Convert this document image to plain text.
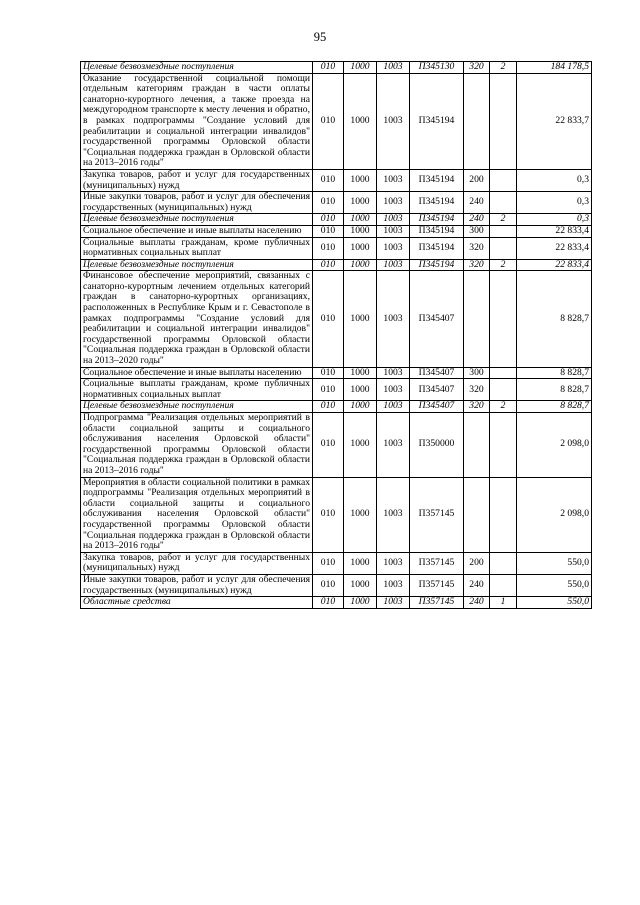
95
Целевые безвозмездные поступления	010	1000	1003	П345130	320	2	184 178,5
Оказание государственной социальной помощи отдельным категориям граждан в части оплаты санаторно-курортного лечения, а также проезда на междугородном транспорте к месту лечения и обратно, в рамках подпрограммы "Создание условий для реабилитации и социальной интеграции инвалидов" государственной программы Орловской области "Социальная поддержка граждан в Орловской области на 2013–2016 годы"	010	1000	1003	П345194			22 833,7
Закупка товаров, работ и услуг для государственных (муниципальных) нужд	010	1000	1003	П345194	200		0,3
Иные закупки товаров, работ и услуг для обеспечения государственных (муниципальных) нужд	010	1000	1003	П345194	240		0,3
Целевые безвозмездные поступления	010	1000	1003	П345194	240	2	0,3
Социальное обеспечение и иные выплаты населению	010	1000	1003	П345194	300		22 833,4
Социальные выплаты гражданам, кроме публичных нормативных социальных выплат	010	1000	1003	П345194	320		22 833,4
Целевые безвозмездные поступления	010	1000	1003	П345194	320	2	22 833,4
Финансовое обеспечение мероприятий, связанных с санаторно-курортным лечением отдельных категорий граждан в санаторно-курортных организациях, расположенных в Республике Крым и г. Севастополе в рамках подпрограммы "Создание условий для реабилитации и социальной интеграции инвалидов" государственной программы Орловской области "Социальная поддержка граждан в Орловской области на 2013–2020 годы"	010	1000	1003	П345407			8 828,7
Социальное обеспечение и иные выплаты населению	010	1000	1003	П345407	300		8 828,7
Социальные выплаты гражданам, кроме публичных нормативных социальных выплат	010	1000	1003	П345407	320		8 828,7
Целевые безвозмездные поступления	010	1000	1003	П345407	320	2	8 828,7
Подпрограмма "Реализация отдельных мероприятий в области социальной защиты и социального обслуживания населения Орловской области" государственной программы Орловской области "Социальная поддержка граждан в Орловской области на 2013–2016 годы"	010	1000	1003	П350000			2 098,0
Мероприятия в области социальной политики в рамках подпрограммы "Реализация отдельных мероприятий в области социальной защиты и социального обслуживания населения Орловской области" государственной программы Орловской области "Социальная поддержка граждан в Орловской области на 2013–2016 годы"	010	1000	1003	П357145			2 098,0
Закупка товаров, работ и услуг для государственных (муниципальных) нужд	010	1000	1003	П357145	200		550,0
Иные закупки товаров, работ и услуг для обеспечения государственных (муниципальных) нужд	010	1000	1003	П357145	240		550,0
Областные средства	010	1000	1003	П357145	240	1	550,0
